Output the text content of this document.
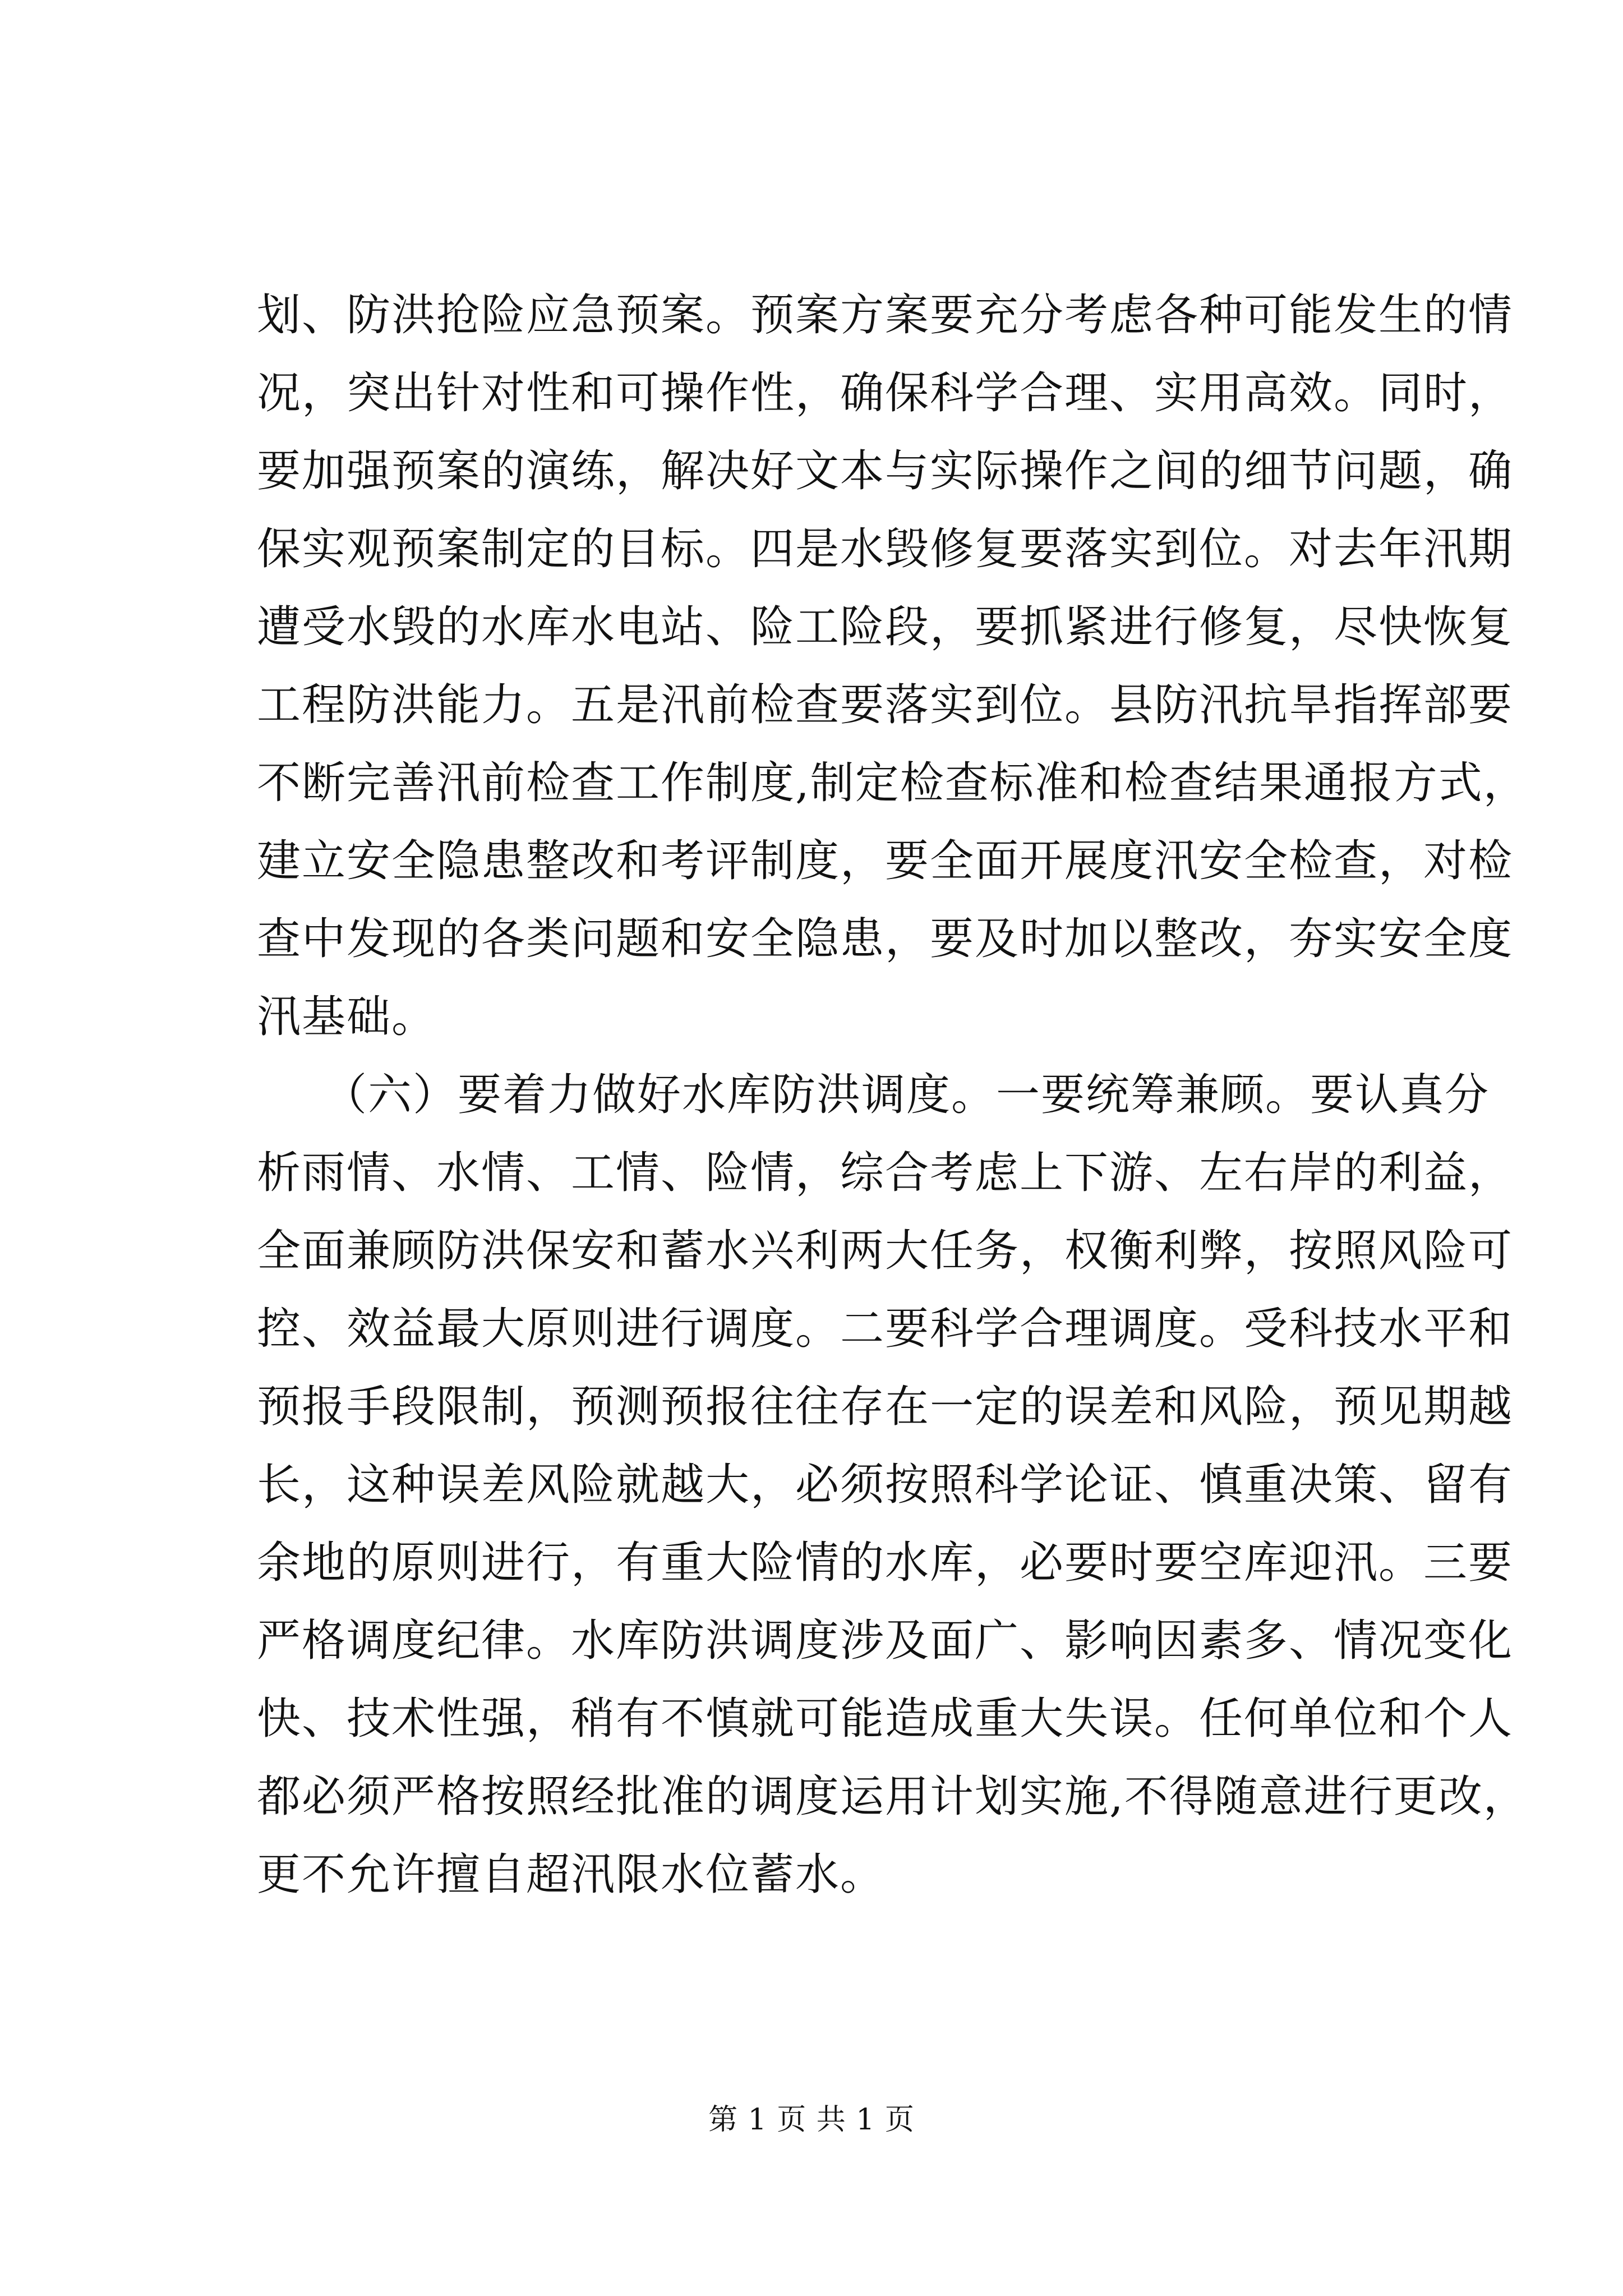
划、防洪抢险应急预案。预案方案要充分考虑各种可能发生的情
况，突出针对性和可操作性，确保科学合理、实用高效。同时，
要加强预案的演练，解决好文本与实际操作之间的细节问题，确
保实观预案制定的目标。四是水毁修复要落实到位。对去年汛期
遭受水毁的水库水电站、险工险段，要抓紧进行修复，尽快恢复
工程防洪能力。五是汛前检查要落实到位。县防汛抗旱指挥部要
不断完善汛前检查工作制度,制定检查标准和检查结果通报方式，
建立安全隐患整改和考评制度，要全面开展度汛安全检查，对检
查中发现的各类问题和安全隐患，要及时加以整改，夯实安全度
汛基础。
（六）要着力做好水库防洪调度。一要统筹兼顾。要认真分
析雨情、水情、工情、险情，综合考虑上下游、左右岸的利益，
全面兼顾防洪保安和蓄水兴利两大任务，权衡利弊，按照风险可
控、效益最大原则进行调度。二要科学合理调度。受科技水平和
预报手段限制，预测预报往往存在一定的误差和风险，预见期越
长，这种误差风险就越大，必须按照科学论证、慎重决策、留有
余地的原则进行，有重大险情的水库，必要时要空库迎汛。三要
严格调度纪律。水库防洪调度涉及面广、影响因素多、情况变化
快、技术性强，稍有不慎就可能造成重大失误。任何单位和个人
都必须严格按照经批准的调度运用计划实施,不得随意进行更改，
更不允许擅自超汛限水位蓄水。
第 1 页 共 1 页
